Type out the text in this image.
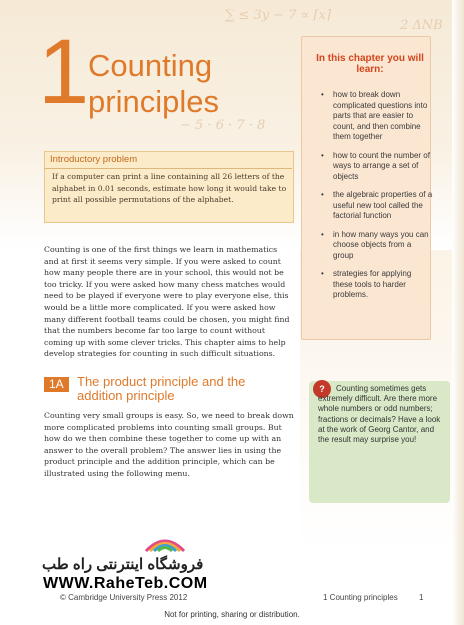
∑ ≤ 3y − 7 ∝ ⌈x⌉
− 5 · 6 · 7 · 8
2 ΔNB
1
Counting
principles
Introductory problem
If a computer can print a line containing all 26 letters of the alphabet in 0.01 seconds, estimate how long it would take to print all possible permutations of the alphabet.
Counting is one of the first things we learn in mathematics and at first it seems very simple. If you were asked to count how many people there are in your school, this would not be too tricky. If you were asked how many chess matches would need to be played if everyone were to play everyone else, this would be a little more complicated. If you were asked how many different football teams could be chosen, you might find that the numbers become far too large to count without coming up with some clever tricks. This chapter aims to help develop strategies for counting in such difficult situations.
1A The product principle and the addition principle
Counting very small groups is easy. So, we need to break down more complicated problems into counting small groups. But how do we then combine these together to come up with an answer to the overall problem? The answer lies in using the product principle and the addition principle, which can be illustrated using the following menu.
In this chapter you will learn:
• how to break down complicated questions into parts that are easier to count, and then combine them together
• how to count the number of ways to arrange a set of objects
• the algebraic properties of a useful new tool called the factorial function
• in how many ways you can choose objects from a group
• strategies for applying these tools to harder problems.
?	Counting sometimes gets extremely difficult. Are there more whole numbers or odd numbers; fractions or decimals? Have a look at the work of Georg Cantor, and the result may surprise you!
فروشگاه اینترنتی راه طب
WWW.RaheTeb.COM
© Cambridge University Press 2012	1 Counting principles	1
Not for printing, sharing or distribution.
